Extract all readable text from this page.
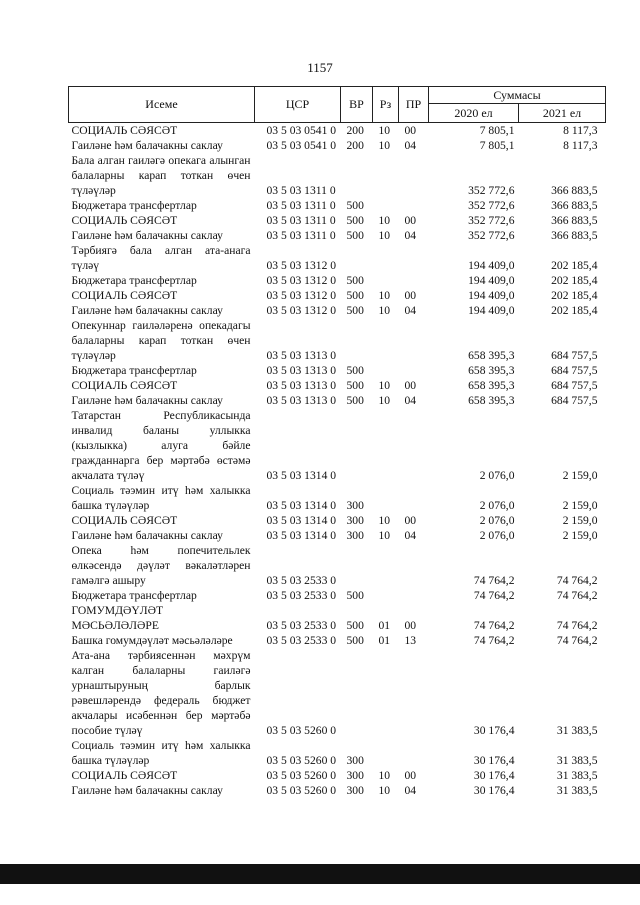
1157
Исеме	ЦСР	ВР	Рз	ПР	Суммасы	
					2020 ел	2021 ел
СОЦИАЛЬ СӘЯСӘТ	03 5 03 0541 0	200	10	00	7 805,1	8 117,3
Гаиләне һәм балачакны саклау	03 5 03 0541 0	200	10	04	7 805,1	8 117,3
Бала алган гаиләгә опекага алынган балаларны карап тоткан өчен түләүләр	03 5 03 1311 0				352 772,6	366 883,5
Бюджетара трансфертлар	03 5 03 1311 0	500			352 772,6	366 883,5
СОЦИАЛЬ СӘЯСӘТ	03 5 03 1311 0	500	10	00	352 772,6	366 883,5
Гаиләне һәм балачакны саклау	03 5 03 1311 0	500	10	04	352 772,6	366 883,5
Тәрбиягә бала алган ата-анага түләү	03 5 03 1312 0				194 409,0	202 185,4
Бюджетара трансфертлар	03 5 03 1312 0	500			194 409,0	202 185,4
СОЦИАЛЬ СӘЯСӘТ	03 5 03 1312 0	500	10	00	194 409,0	202 185,4
Гаиләне һәм балачакны саклау	03 5 03 1312 0	500	10	04	194 409,0	202 185,4
Опекуннар гаиләләренә опекадагы балаларны карап тоткан өчен түләүләр	03 5 03 1313 0				658 395,3	684 757,5
Бюджетара трансфертлар	03 5 03 1313 0	500			658 395,3	684 757,5
СОЦИАЛЬ СӘЯСӘТ	03 5 03 1313 0	500	10	00	658 395,3	684 757,5
Гаиләне һәм балачакны саклау	03 5 03 1313 0	500	10	04	658 395,3	684 757,5
Татарстан Республикасында инвалид баланы уллыкка (кызлыкка) алуга бәйле гражданнарга бер мәртәбә өстәмә акчалата түләү	03 5 03 1314 0				2 076,0	2 159,0
Социаль тәэмин итү һәм халыкка башка түләүләр	03 5 03 1314 0	300			2 076,0	2 159,0
СОЦИАЛЬ СӘЯСӘТ	03 5 03 1314 0	300	10	00	2 076,0	2 159,0
Гаиләне һәм балачакны саклау	03 5 03 1314 0	300	10	04	2 076,0	2 159,0
Опека һәм попечительлек өлкәсендә дәүләт вәкаләтләрен гамәлгә ашыру	03 5 03 2533 0				74 764,2	74 764,2
Бюджетара трансфертлар	03 5 03 2533 0	500			74 764,2	74 764,2
ГОМУМДӘҮЛӘТ МӘСЬӘЛӘЛӘРЕ	03 5 03 2533 0	500	01	00	74 764,2	74 764,2
Башка гомумдәүләт мәсьәләләре	03 5 03 2533 0	500	01	13	74 764,2	74 764,2
Ата-ана тәрбиясеннән мәхрүм калган балаларны гаиләгә урнаштыруның барлык рәвешләрендә федераль бюджет акчалары исәбеннән бер мәртәбә пособие түләү	03 5 03 5260 0				30 176,4	31 383,5
Социаль тәэмин итү һәм халыкка башка түләүләр	03 5 03 5260 0	300			30 176,4	31 383,5
СОЦИАЛЬ СӘЯСӘТ	03 5 03 5260 0	300	10	00	30 176,4	31 383,5
Гаиләне һәм балачакны саклау	03 5 03 5260 0	300	10	04	30 176,4	31 383,5
